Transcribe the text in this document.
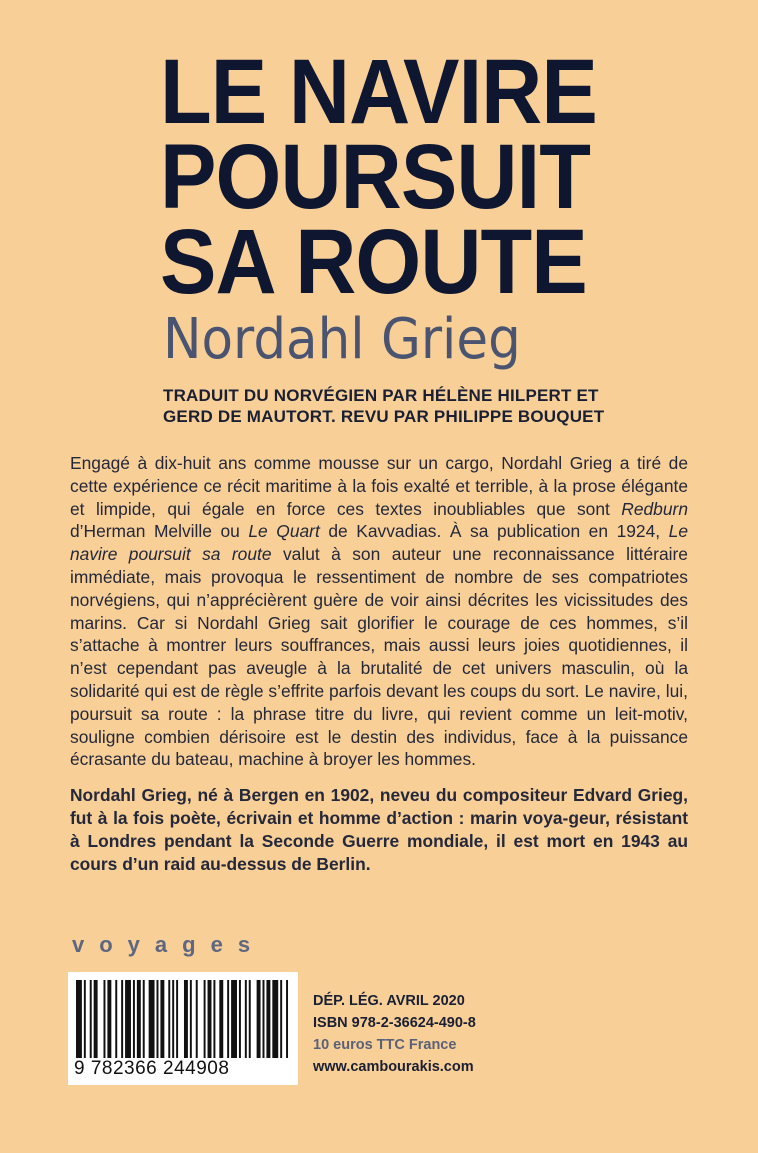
LE NAVIRE
POURSUIT
SA ROUTE
Nordahl Grieg
TRADUIT DU NORVÉGIEN PAR HÉLÈNE HILPERT ET GERD DE MAUTORT. REVU PAR PHILIPPE BOUQUET

Engagé à dix-huit ans comme mousse sur un cargo, Nordahl Grieg a tiré de cette expérience ce récit maritime à la fois exalté et terrible, à la prose élégante et limpide, qui égale en force ces textes inoubliables que sont Redburn d’Herman Melville ou Le Quart de Kavvadias. À sa publication en 1924, Le navire poursuit sa route valut à son auteur une reconnaissance littéraire immédiate, mais provoqua le ressentiment de nombre de ses compatriotes norvégiens, qui n’apprécièrent guère de voir ainsi décrites les vicissitudes des marins. Car si Nordahl Grieg sait glorifier le courage de ces hommes, s’il s’attache à montrer leurs souffrances, mais aussi leurs joies quotidiennes, il n’est cependant pas aveugle à la brutalité de cet univers masculin, où la solidarité qui est de règle s’effrite parfois devant les coups du sort. Le navire, lui, poursuit sa route : la phrase titre du livre, qui revient comme un leit-motiv, souligne combien dérisoire est le destin des individus, face à la puissance écrasante du bateau, machine à broyer les hommes.

Nordahl Grieg, né à Bergen en 1902, neveu du compositeur Edvard Grieg, fut à la fois poète, écrivain et homme d’action : marin voya-geur, résistant à Londres pendant la Seconde Guerre mondiale, il est mort en 1943 au cours d’un raid au-dessus de Berlin.

voyages
9 782366 244908
DÉP. LÉG. AVRIL 2020
ISBN 978-2-36624-490-8
10 euros TTC France
www.cambourakis.com
